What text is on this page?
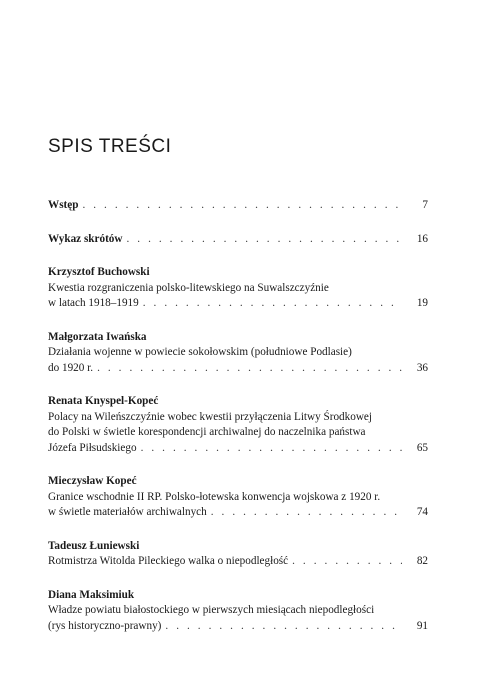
SPIS TREŚCI
Wstęp . . .	7
Wykaz skrótów . . .	16
Krzysztof Buchowski
Kwestia rozgraniczenia polsko-litewskiego na Suwalszczyźnie
w latach 1918–1919 . . .	19
Małgorzata Iwańska
Działania wojenne w powiecie sokołowskim (południowe Podlasie)
do 1920 r. . . .	36
Renata Knyspel-Kopeć
Polacy na Wileńszczyźnie wobec kwestii przyłączenia Litwy Środkowej
do Polski w świetle korespondencji archiwalnej do naczelnika państwa
Józefa Piłsudskiego . . .	65
Mieczysław Kopeć
Granice wschodnie II RP. Polsko-łotewska konwencja wojskowa z 1920 r.
w świetle materiałów archiwalnych . . .	74
Tadeusz Łuniewski
Rotmistrza Witolda Pileckiego walka o niepodległość . . .	82
Diana Maksimiuk
Władze powiatu białostockiego w pierwszych miesiącach niepodległości
(rys historyczno-prawny) . . .	91
